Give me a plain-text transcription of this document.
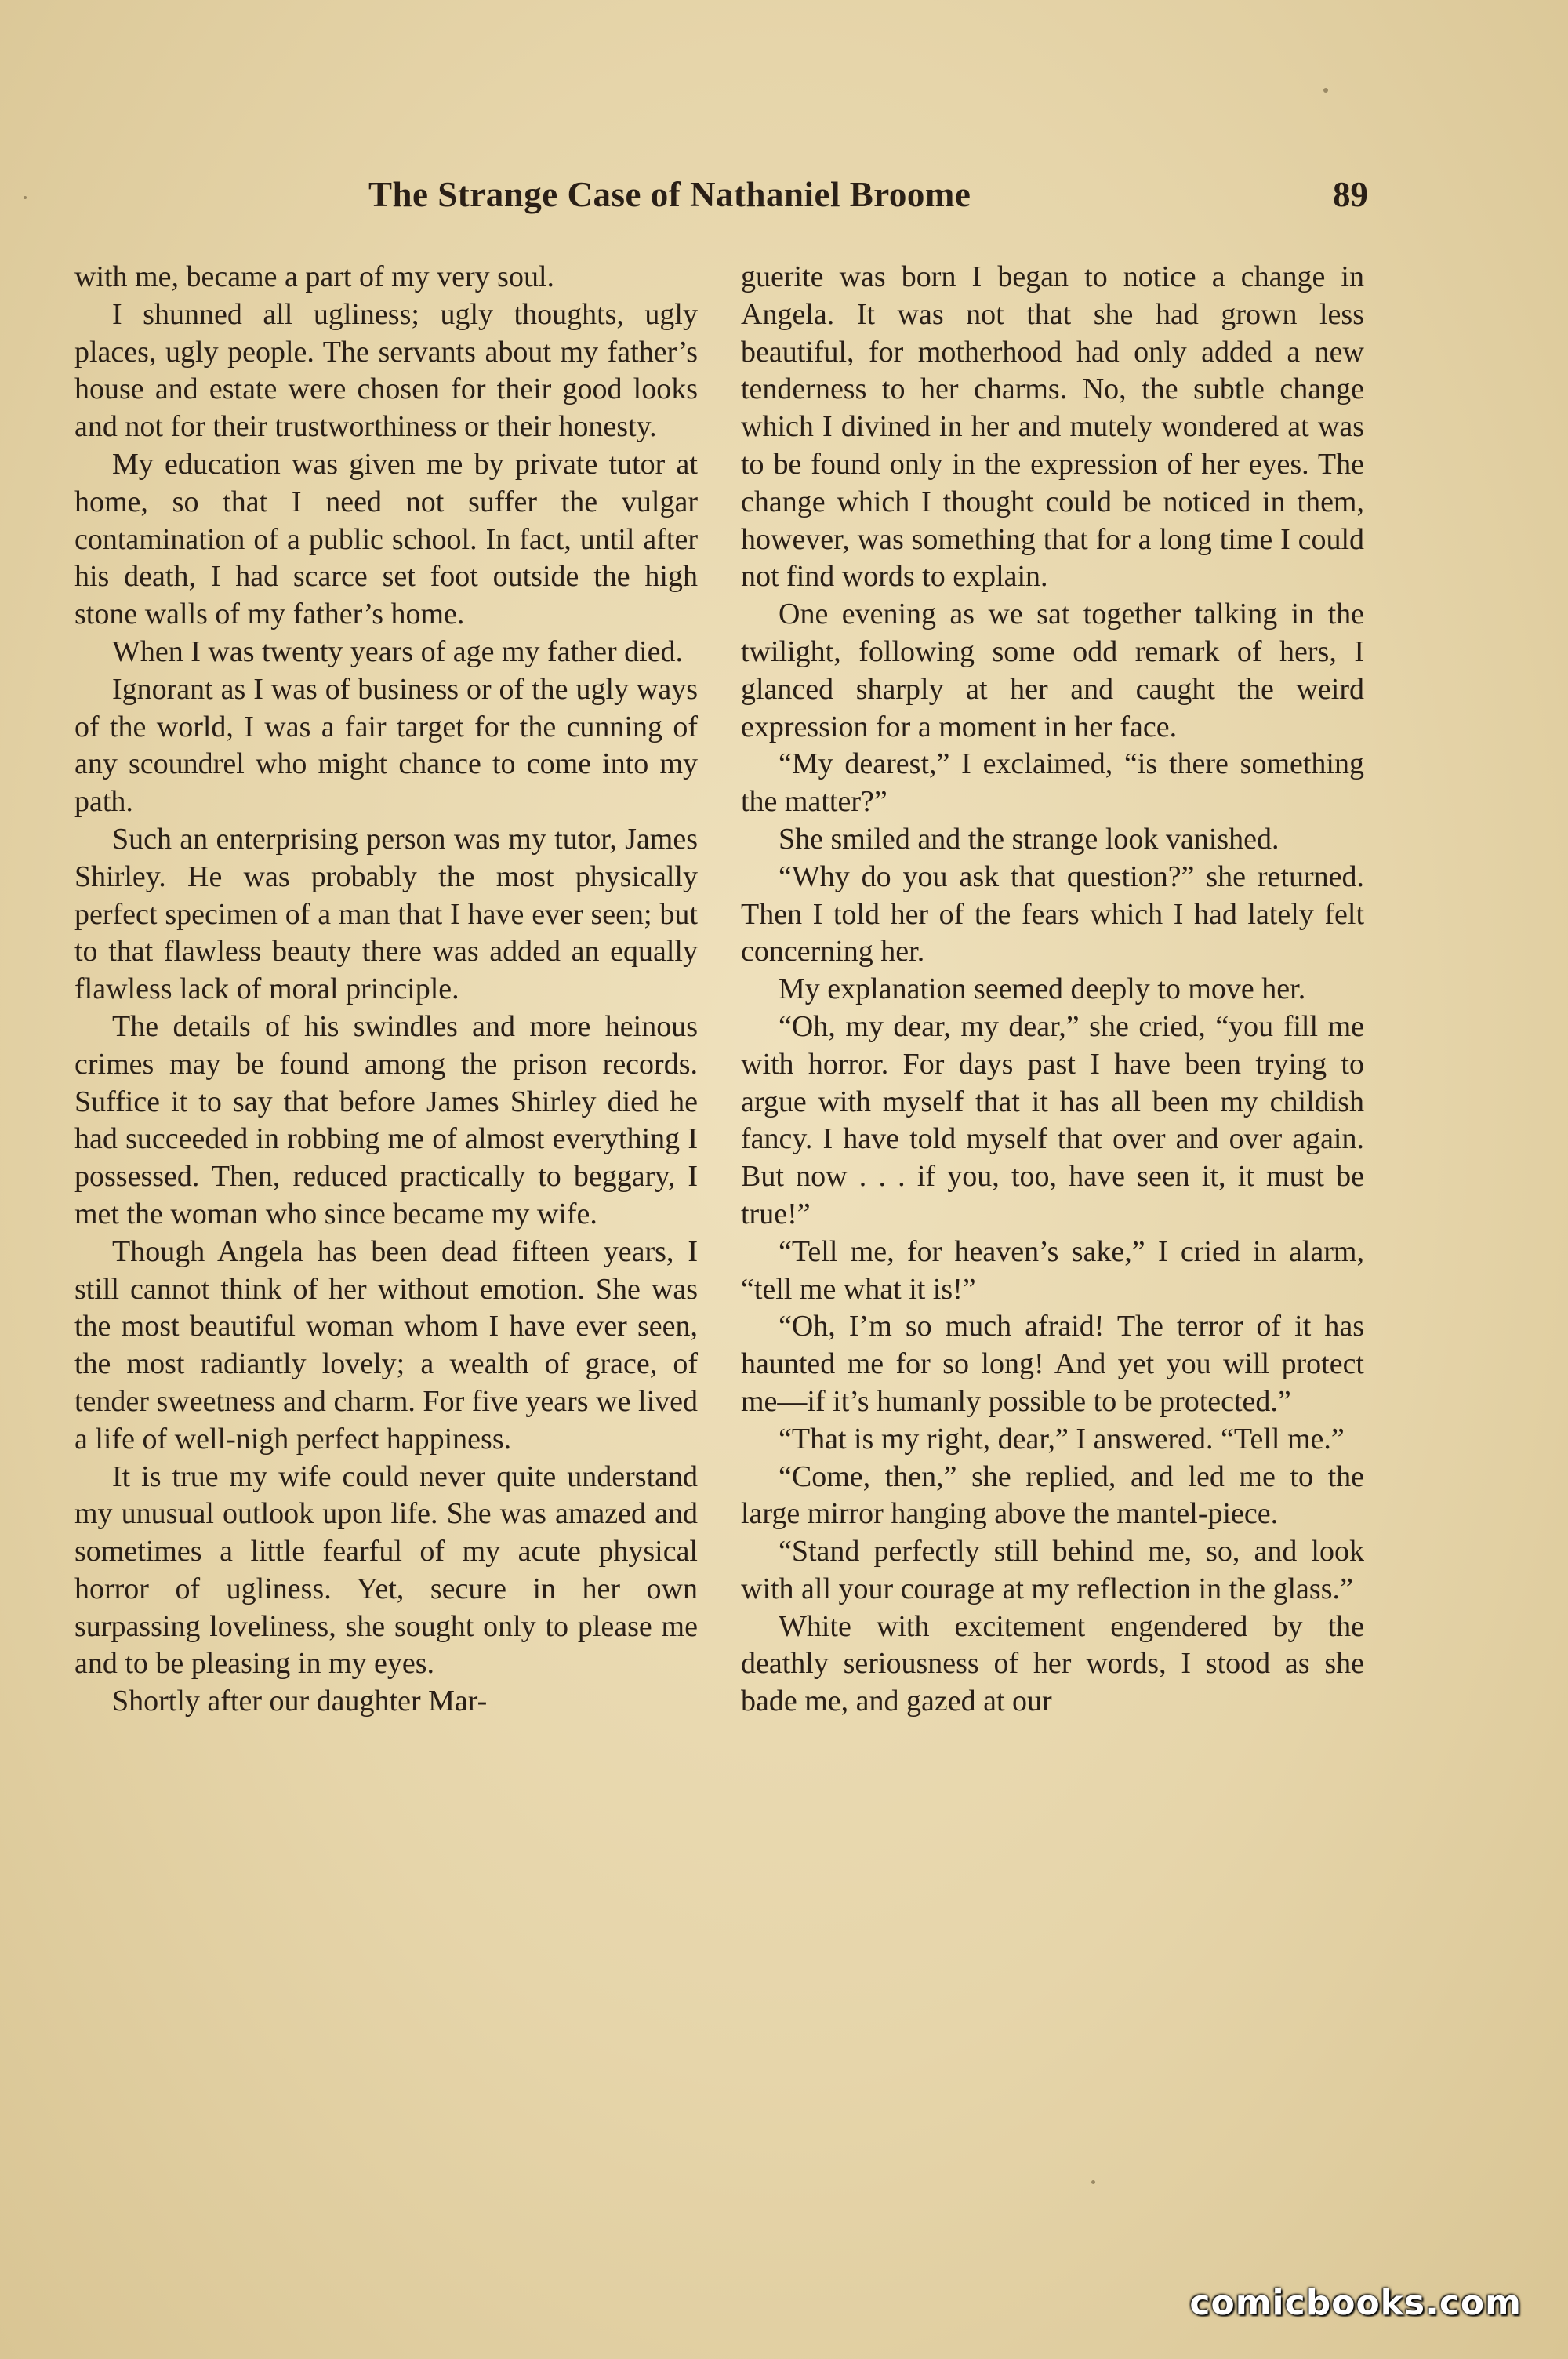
The Strange Case of Nathaniel Broome	89

with me, became a part of my very soul.

I shunned all ugliness; ugly thoughts, ugly places, ugly people. The servants about my father’s house and estate were chosen for their good looks and not for their trustworthiness or their honesty.

My education was given me by private tutor at home, so that I need not suffer the vulgar contamination of a public school. In fact, until after his death, I had scarce set foot outside the high stone walls of my father’s home.

When I was twenty years of age my father died.

Ignorant as I was of business or of the ugly ways of the world, I was a fair target for the cunning of any scoundrel who might chance to come into my path.

Such an enterprising person was my tutor, James Shirley. He was probably the most physically perfect specimen of a man that I have ever seen; but to that flawless beauty there was added an equally flawless lack of moral principle.

The details of his swindles and more heinous crimes may be found among the prison records. Suffice it to say that before James Shirley died he had succeeded in robbing me of almost everything I possessed. Then, reduced practically to beggary, I met the woman who since became my wife.

Though Angela has been dead fifteen years, I still cannot think of her without emotion. She was the most beautiful woman whom I have ever seen, the most radiantly lovely; a wealth of grace, of tender sweetness and charm. For five years we lived a life of well-nigh perfect happiness.

It is true my wife could never quite understand my unusual outlook upon life. She was amazed and sometimes a little fearful of my acute physical horror of ugliness. Yet, secure in her own surpassing loveliness, she sought only to please me and to be pleasing in my eyes.

Shortly after our daughter Mar-

guerite was born I began to notice a change in Angela. It was not that she had grown less beautiful, for motherhood had only added a new tenderness to her charms. No, the subtle change which I divined in her and mutely wondered at was to be found only in the expression of her eyes. The change which I thought could be noticed in them, however, was something that for a long time I could not find words to explain.

One evening as we sat together talking in the twilight, following some odd remark of hers, I glanced sharply at her and caught the weird expression for a moment in her face.

“My dearest,” I exclaimed, “is there something the matter?”

She smiled and the strange look vanished.

“Why do you ask that question?” she returned. Then I told her of the fears which I had lately felt concerning her.

My explanation seemed deeply to move her.

“Oh, my dear, my dear,” she cried, “you fill me with horror. For days past I have been trying to argue with myself that it has all been my childish fancy. I have told myself that over and over again. But now . . . if you, too, have seen it, it must be true!”

“Tell me, for heaven’s sake,” I cried in alarm, “tell me what it is!”

“Oh, I’m so much afraid! The terror of it has haunted me for so long! And yet you will protect me—if it’s humanly possible to be protected.”

“That is my right, dear,” I answered. “Tell me.”

“Come, then,” she replied, and led me to the large mirror hanging above the mantel-piece.

“Stand perfectly still behind me, so, and look with all your courage at my reflection in the glass.”

White with excitement engendered by the deathly seriousness of her words, I stood as she bade me, and gazed at our

comicbooks.com
